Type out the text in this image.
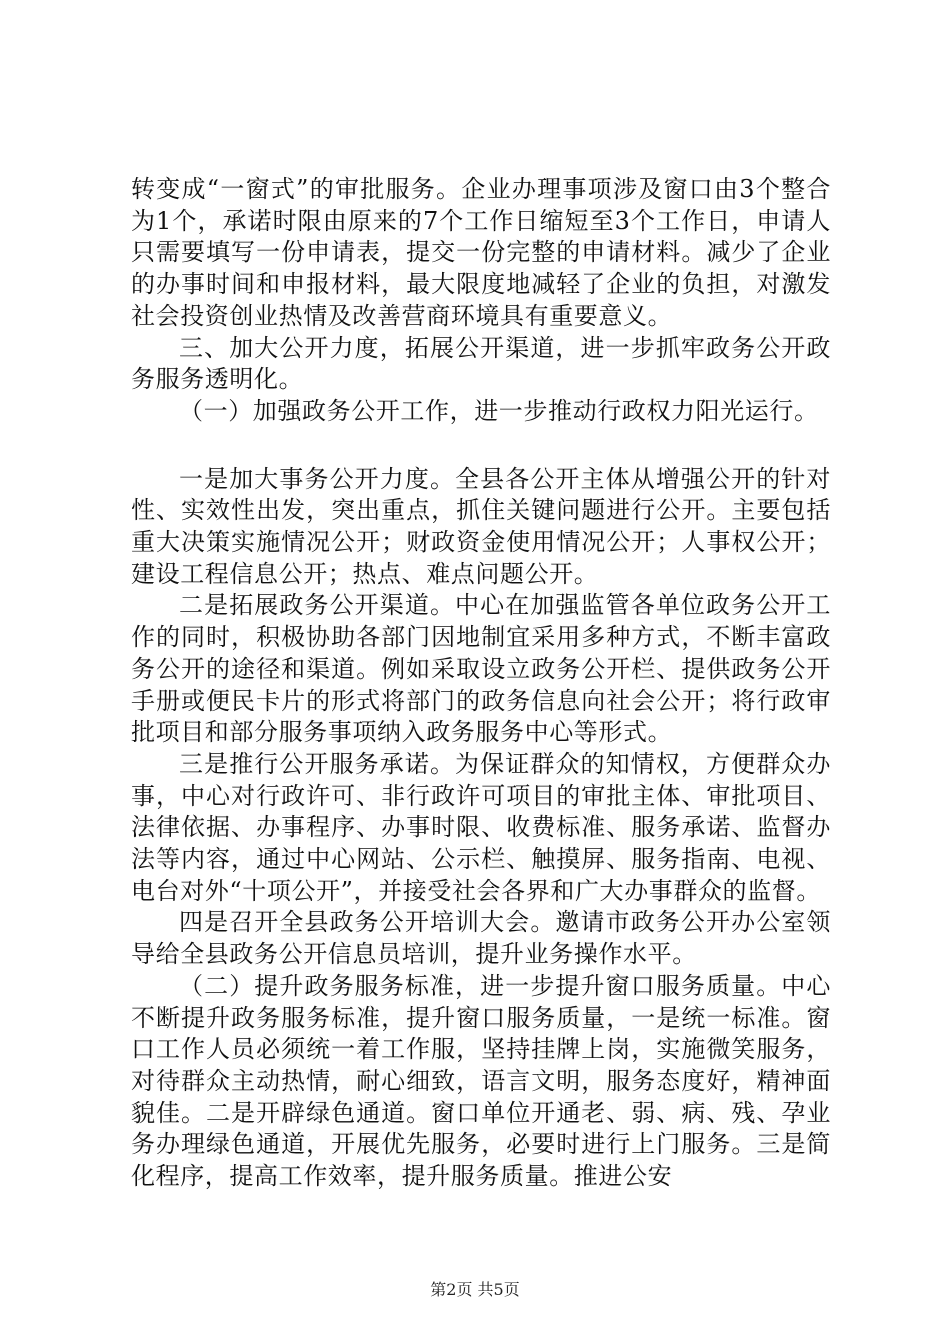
转变成“一窗式”的审批服务。企业办理事项涉及窗口由3个整合为1个，承诺时限由原来的7个工作日缩短至3个工作日，申请人只需要填写一份申请表，提交一份完整的申请材料。减少了企业的办事时间和申报材料，最大限度地减轻了企业的负担，对激发社会投资创业热情及改善营商环境具有重要意义。

三、加大公开力度，拓展公开渠道，进一步抓牢政务公开政务服务透明化。

（一）加强政务公开工作，进一步推动行政权力阳光运行。

一是加大事务公开力度。全县各公开主体从增强公开的针对性、实效性出发，突出重点，抓住关键问题进行公开。主要包括重大决策实施情况公开；财政资金使用情况公开；人事权公开；建设工程信息公开；热点、难点问题公开。

二是拓展政务公开渠道。中心在加强监管各单位政务公开工作的同时，积极协助各部门因地制宜采用多种方式，不断丰富政务公开的途径和渠道。例如采取设立政务公开栏、提供政务公开手册或便民卡片的形式将部门的政务信息向社会公开；将行政审批项目和部分服务事项纳入政务服务中心等形式。

三是推行公开服务承诺。为保证群众的知情权，方便群众办事，中心对行政许可、非行政许可项目的审批主体、审批项目、法律依据、办事程序、办事时限、收费标准、服务承诺、监督办法等内容，通过中心网站、公示栏、触摸屏、服务指南、电视、电台对外“十项公开”，并接受社会各界和广大办事群众的监督。

四是召开全县政务公开培训大会。邀请市政务公开办公室领导给全县政务公开信息员培训，提升业务操作水平。

（二）提升政务服务标准，进一步提升窗口服务质量。中心不断提升政务服务标准，提升窗口服务质量，一是统一标准。窗口工作人员必须统一着工作服，坚持挂牌上岗，实施微笑服务，对待群众主动热情，耐心细致，语言文明，服务态度好，精神面貌佳。二是开辟绿色通道。窗口单位开通老、弱、病、残、孕业务办理绿色通道，开展优先服务，必要时进行上门服务。三是简化程序，提高工作效率，提升服务质量。推进公安

第2页 共5页
